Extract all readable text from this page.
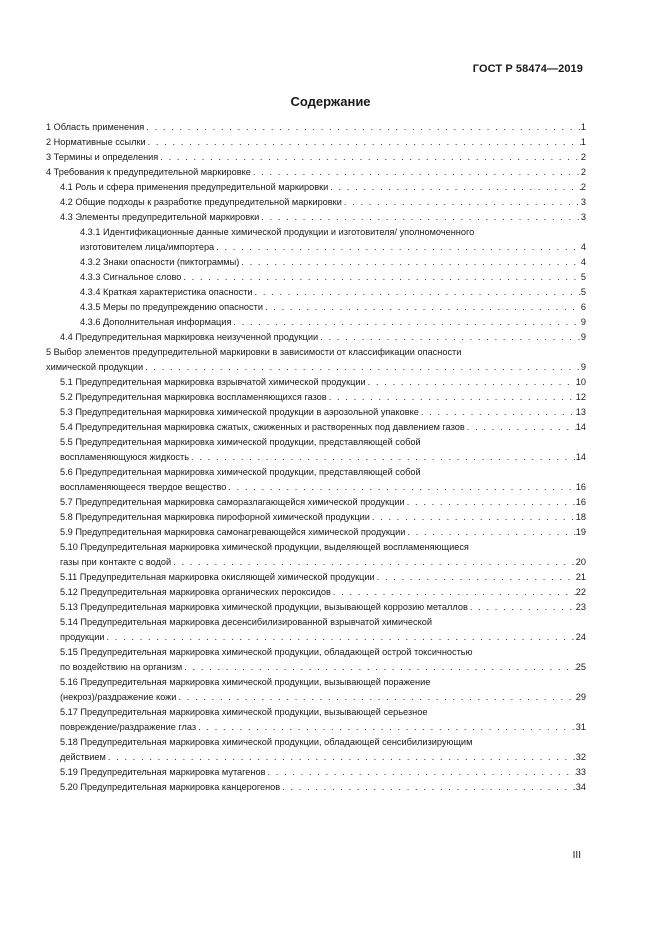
ГОСТ Р 58474—2019
Содержание
1 Область применения . . .	1
2 Нормативные ссылки . . .	1
3 Термины и определения . . .	2
4 Требования к предупредительной маркировке . . .	2
4.1 Роль и сфера применения предупредительной маркировки . . .	2
4.2 Общие подходы к разработке предупредительной маркировки . . .	3
4.3 Элементы предупредительной маркировки . . .	3
4.3.1 Идентификационные данные химической продукции и изготовителя/ уполномоченного
изготовителем лица/импортера . . .	4
4.3.2 Знаки опасности (пиктограммы) . . .	4
4.3.3 Сигнальное слово . . .	5
4.3.4 Краткая характеристика опасности . . .	5
4.3.5 Меры по предупреждению опасности . . .	6
4.3.6 Дополнительная информация . . .	9
4.4 Предупредительная маркировка неизученной продукции . . .	9
5 Выбор элементов предупредительной маркировки в зависимости от классификации опасности
химической продукции . . .	9
5.1 Предупредительная маркировка взрывчатой химической продукции . . .	10
5.2 Предупредительная маркировка воспламеняющихся газов . . .	12
5.3 Предупредительная маркировка химической продукции в аэрозольной упаковке . . .	13
5.4 Предупредительная маркировка сжатых, сжиженных и растворенных под давлением газов . . .	14
5.5 Предупредительная маркировка химической продукции, представляющей собой
воспламеняющуюся жидкость . . .	14
5.6 Предупредительная маркировка химической продукции, представляющей собой
воспламеняющееся твердое вещество . . .	16
5.7 Предупредительная маркировка саморазлагающейся химической продукции . . .	16
5.8 Предупредительная маркировка пирофорной химической продукции . . .	18
5.9 Предупредительная маркировка самонагревающейся химической продукции . . .	19
5.10 Предупредительная маркировка химической продукции, выделяющей воспламеняющиеся
газы при контакте с водой . . .	20
5.11 Предупредительная маркировка окисляющей химической продукции . . .	21
5.12 Предупредительная маркировка органических пероксидов . . .	22
5.13 Предупредительная маркировка химической продукции, вызывающей коррозию металлов . . .	23
5.14 Предупредительная маркировка десенсибилизированной взрывчатой химической
продукции . . .	24
5.15 Предупредительная маркировка химической продукции, обладающей острой токсичностью
по воздействию на организм . . .	25
5.16 Предупредительная маркировка химической продукции, вызывающей поражение
(некроз)/раздражение кожи . . .	29
5.17 Предупредительная маркировка химической продукции, вызывающей серьезное
повреждение/раздражение глаз . . .	31
5.18 Предупредительная маркировка химической продукции, обладающей сенсибилизирующим
действием . . .	32
5.19 Предупредительная маркировка мутагенов . . .	33
5.20 Предупредительная маркировка канцерогенов . . .	34
III
